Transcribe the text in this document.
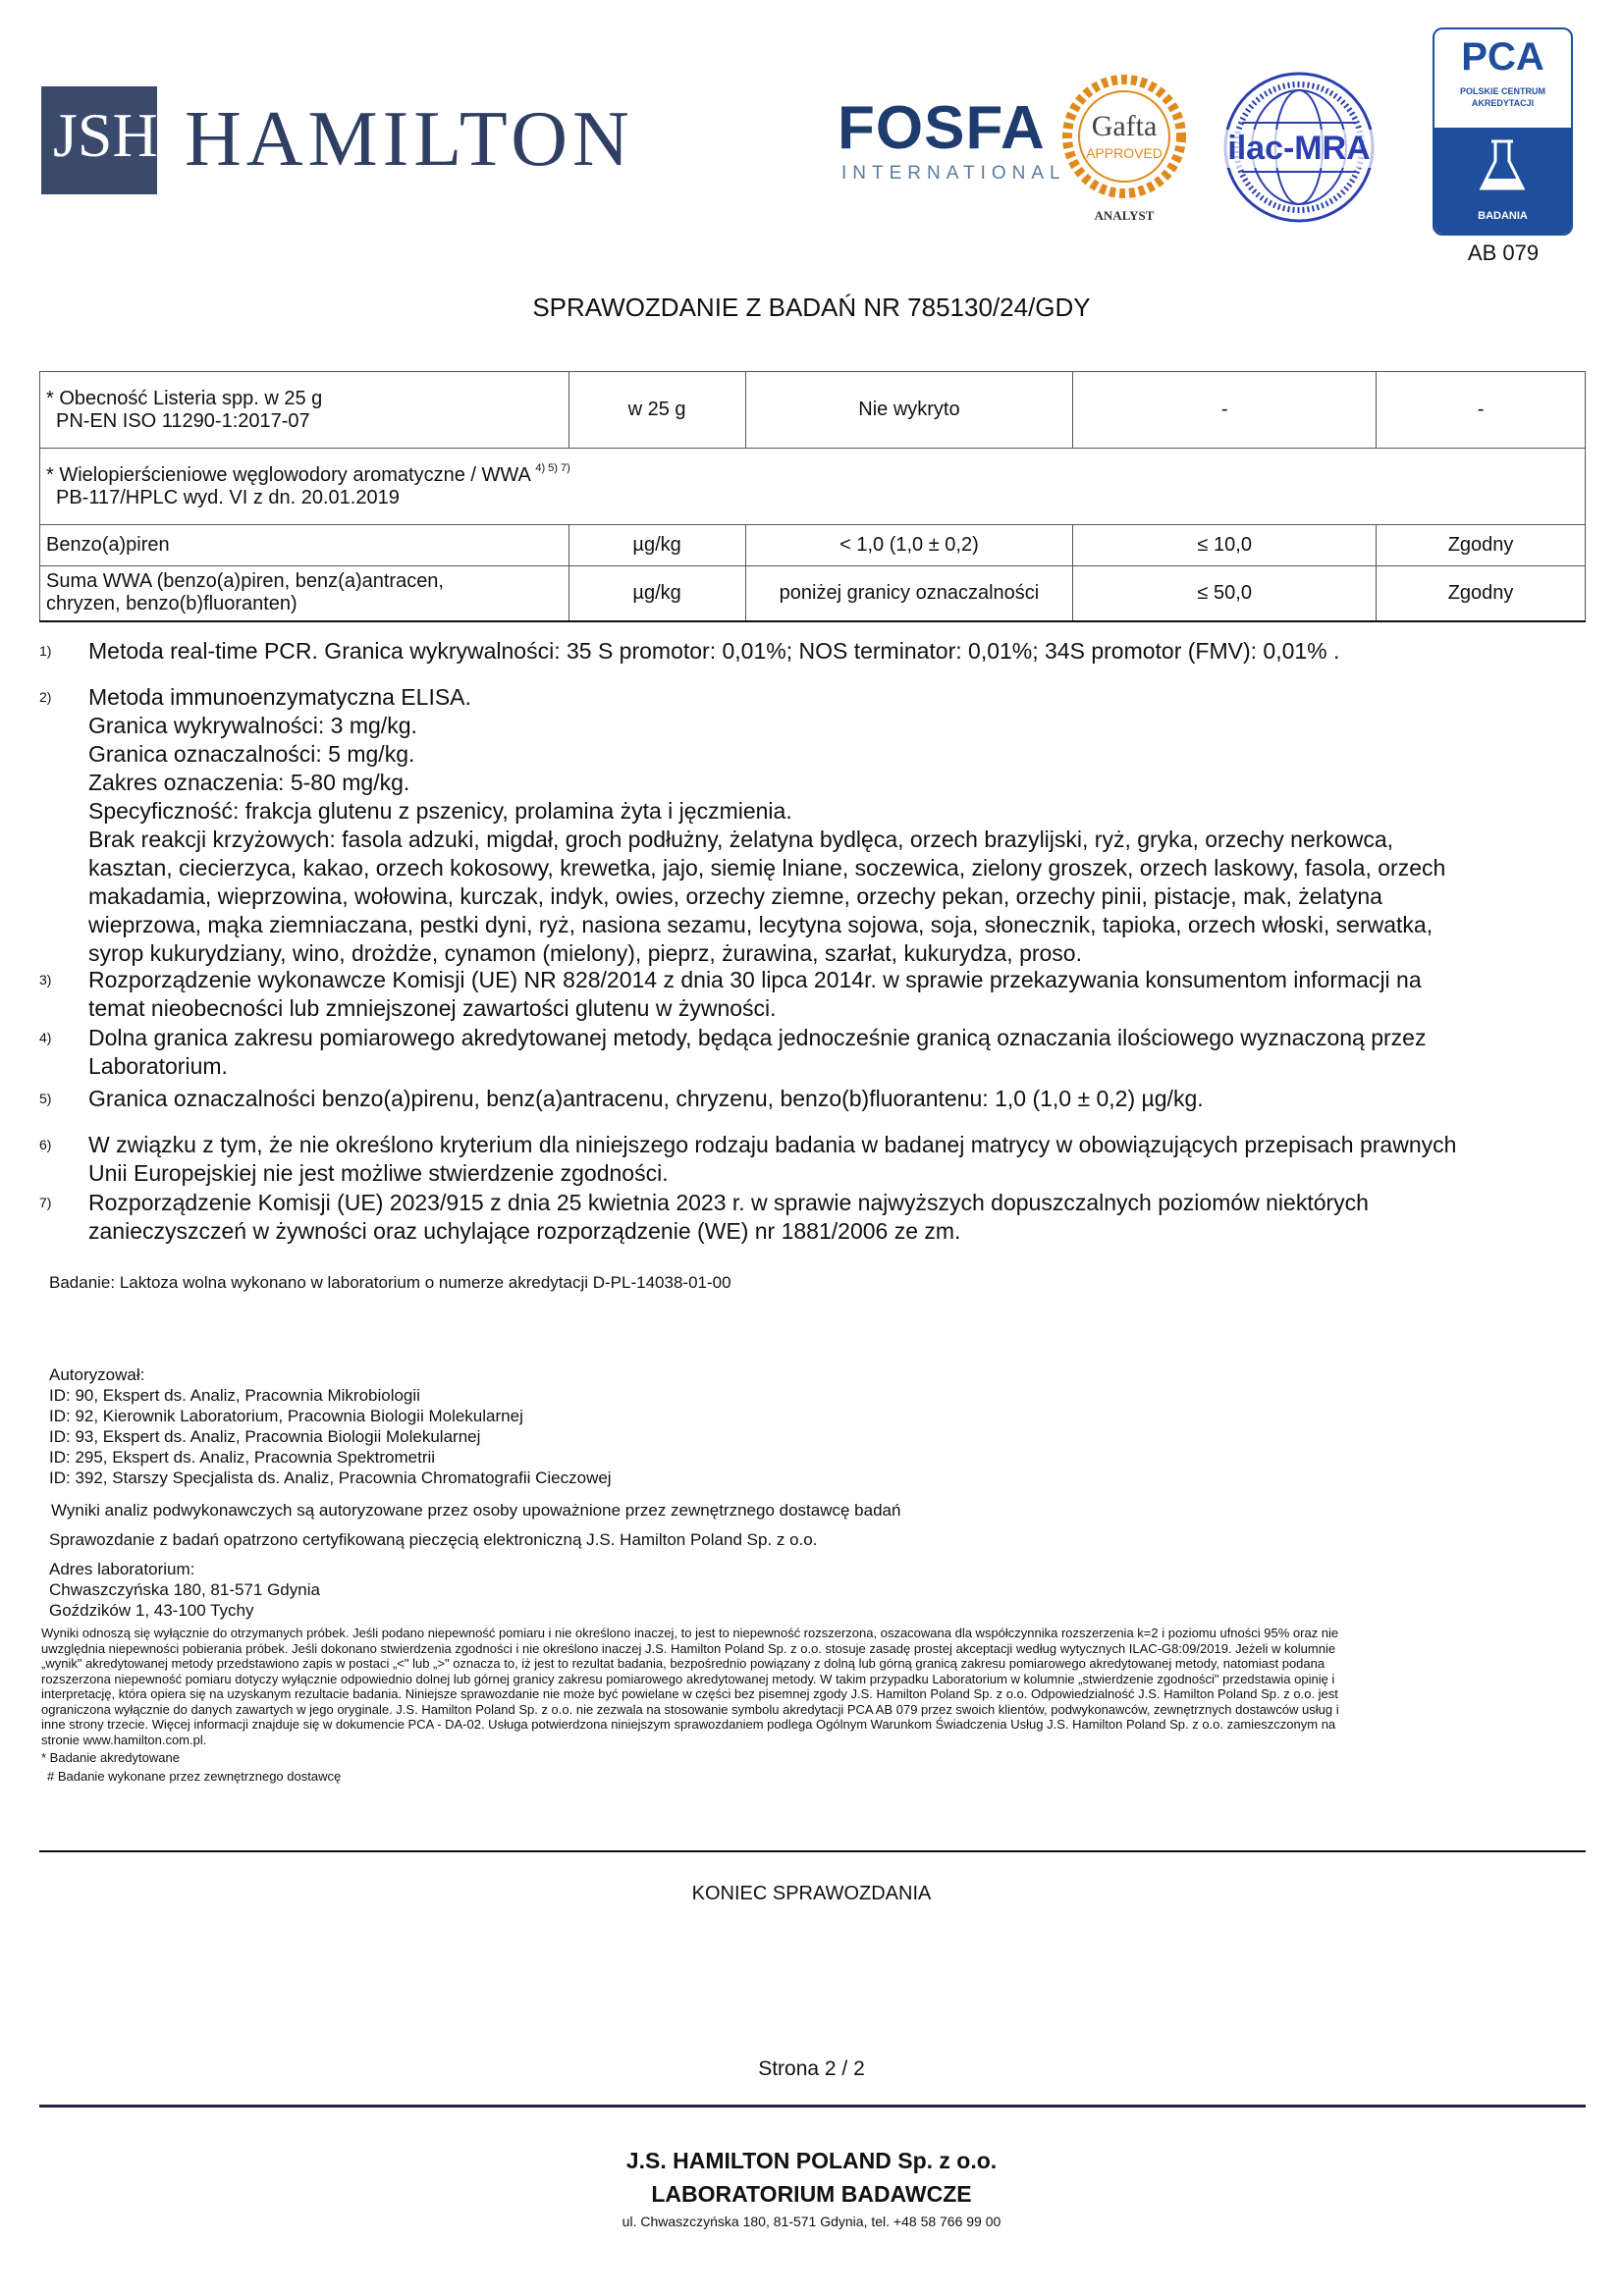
JSH HAMILTON	FOSFA
INTERNATIONAL
Gafta
APPROVED
ANALYST
ilac-MRA
PCA
POLSKIE CENTRUM
AKREDYTACJI
BADANIA
AB 079
SPRAWOZDANIE Z BADAŃ NR 785130/24/GDY
* Obecność Listeria spp. w 25 g
PN-EN ISO 11290-1:2017-07	w 25 g	Nie wykryto	-	-

* Wielopierścieniowe węglowodory aromatyczne / WWA $^{4) 5) 7)}$
PB-117/HPLC wyd. VI z dn. 20.01.2019				

Benzo(a)piren	µg/kg	< 1,0 (1,0 ± 0,2)	≤ 10,0	Zgodny

Suma WWA (benzo(a)piren, benz(a)antracen,
chryzen, benzo(b)fluoranten)	µg/kg	poniżej granicy oznaczalności	≤ 50,0	Zgodny
1) Metoda real-time PCR. Granica wykrywalności: 35 S promotor: 0,01%; NOS terminator: 0,01%; 34S promotor (FMV): 0,01% .
2) Metoda immunoenzymatyczna ELISA.
Granica wykrywalności: 3 mg/kg.
Granica oznaczalności: 5 mg/kg.
Zakres oznaczenia: 5-80 mg/kg.
Specyficzność: frakcja glutenu z pszenicy, prolamina żyta i jęczmienia.
Brak reakcji krzyżowych: fasola adzuki, migdał, groch podłużny, żelatyna bydlęca, orzech brazylijski, ryż, gryka, orzechy nerkowca,
kasztan, ciecierzyca, kakao, orzech kokosowy, krewetka, jajo, siemię lniane, soczewica, zielony groszek, orzech laskowy, fasola, orzech
makadamia, wieprzowina, wołowina, kurczak, indyk, owies, orzechy ziemne, orzechy pekan, orzechy pinii, pistacje, mak, żelatyna
wieprzowa, mąka ziemniaczana, pestki dyni, ryż, nasiona sezamu, lecytyna sojowa, soja, słonecznik, tapioka, orzech włoski, serwatka,
syrop kukurydziany, wino, drożdże, cynamon (mielony), pieprz, żurawina, szarłat, kukurydza, proso.
3) Rozporządzenie wykonawcze Komisji (UE) NR 828/2014 z dnia 30 lipca 2014r. w sprawie przekazywania konsumentom informacji na
temat nieobecności lub zmniejszonej zawartości glutenu w żywności.
4) Dolna granica zakresu pomiarowego akredytowanej metody, będąca jednocześnie granicą oznaczania ilościowego wyznaczoną przez
Laboratorium.
5) Granica oznaczalności benzo(a)pirenu, benz(a)antracenu, chryzenu, benzo(b)fluorantenu: 1,0 (1,0 ± 0,2) µg/kg.
6) W związku z tym, że nie określono kryterium dla niniejszego rodzaju badania w badanej matrycy w obowiązujących przepisach prawnych
Unii Europejskiej nie jest możliwe stwierdzenie zgodności.
7) Rozporządzenie Komisji (UE) 2023/915 z dnia 25 kwietnia 2023 r. w sprawie najwyższych dopuszczalnych poziomów niektórych
zanieczyszczeń w żywności oraz uchylające rozporządzenie (WE) nr 1881/2006 ze zm.
Badanie: Laktoza wolna wykonano w laboratorium o numerze akredytacji D-PL-14038-01-00
Autoryzował:
ID: 90, Ekspert ds. Analiz, Pracownia Mikrobiologii
ID: 92, Kierownik Laboratorium, Pracownia Biologii Molekularnej
ID: 93, Ekspert ds. Analiz, Pracownia Biologii Molekularnej
ID: 295, Ekspert ds. Analiz, Pracownia Spektrometrii
ID: 392, Starszy Specjalista ds. Analiz, Pracownia Chromatografii Cieczowej
Wyniki analiz podwykonawczych są autoryzowane przez osoby upoważnione przez zewnętrznego dostawcę badań
Sprawozdanie z badań opatrzono certyfikowaną pieczęcią elektroniczną J.S. Hamilton Poland Sp. z o.o.
Adres laboratorium:
Chwaszczyńska 180, 81-571 Gdynia
Goździków 1, 43-100 Tychy
Wyniki odnoszą się wyłącznie do otrzymanych próbek. Jeśli podano niepewność pomiaru i nie określono inaczej, to jest to niepewność rozszerzona, oszacowana dla współczynnika rozszerzenia k=2 i poziomu ufności 95% oraz nie
uwzględnia niepewności pobierania próbek. Jeśli dokonano stwierdzenia zgodności i nie określono inaczej J.S. Hamilton Poland Sp. z o.o. stosuje zasadę prostej akceptacji według wytycznych ILAC-G8:09/2019. Jeżeli w kolumnie
„wynik" akredytowanej metody przedstawiono zapis w postaci „<" lub „>" oznacza to, iż jest to rezultat badania, bezpośrednio powiązany z dolną lub górną granicą zakresu pomiarowego akredytowanej metody, natomiast podana
rozszerzona niepewność pomiaru dotyczy wyłącznie odpowiednio dolnej lub górnej granicy zakresu pomiarowego akredytowanej metody. W takim przypadku Laboratorium w kolumnie „stwierdzenie zgodności" przedstawia opinię i
interpretację, która opiera się na uzyskanym rezultacie badania. Niniejsze sprawozdanie nie może być powielane w części bez pisemnej zgody J.S. Hamilton Poland Sp. z o.o. Odpowiedzialność J.S. Hamilton Poland Sp. z o.o. jest
ograniczona wyłącznie do danych zawartych w jego oryginale. J.S. Hamilton Poland Sp. z o.o. nie zezwala na stosowanie symbolu akredytacji PCA AB 079 przez swoich klientów, podwykonawców, zewnętrznych dostawców usług i
inne strony trzecie. Więcej informacji znajduje się w dokumencie PCA - DA-02. Usługa potwierdzona niniejszym sprawozdaniem podlega Ogólnym Warunkom Świadczenia Usług J.S. Hamilton Poland Sp. z o.o. zamieszczonym na
stronie www.hamilton.com.pl.
* Badanie akredytowane
# Badanie wykonane przez zewnętrznego dostawcę
KONIEC SPRAWOZDANIA
Strona 2 / 2
J.S. HAMILTON POLAND Sp. z o.o.
LABORATORIUM BADAWCZE
ul. Chwaszczyńska 180, 81-571 Gdynia, tel. +48 58 766 99 00
